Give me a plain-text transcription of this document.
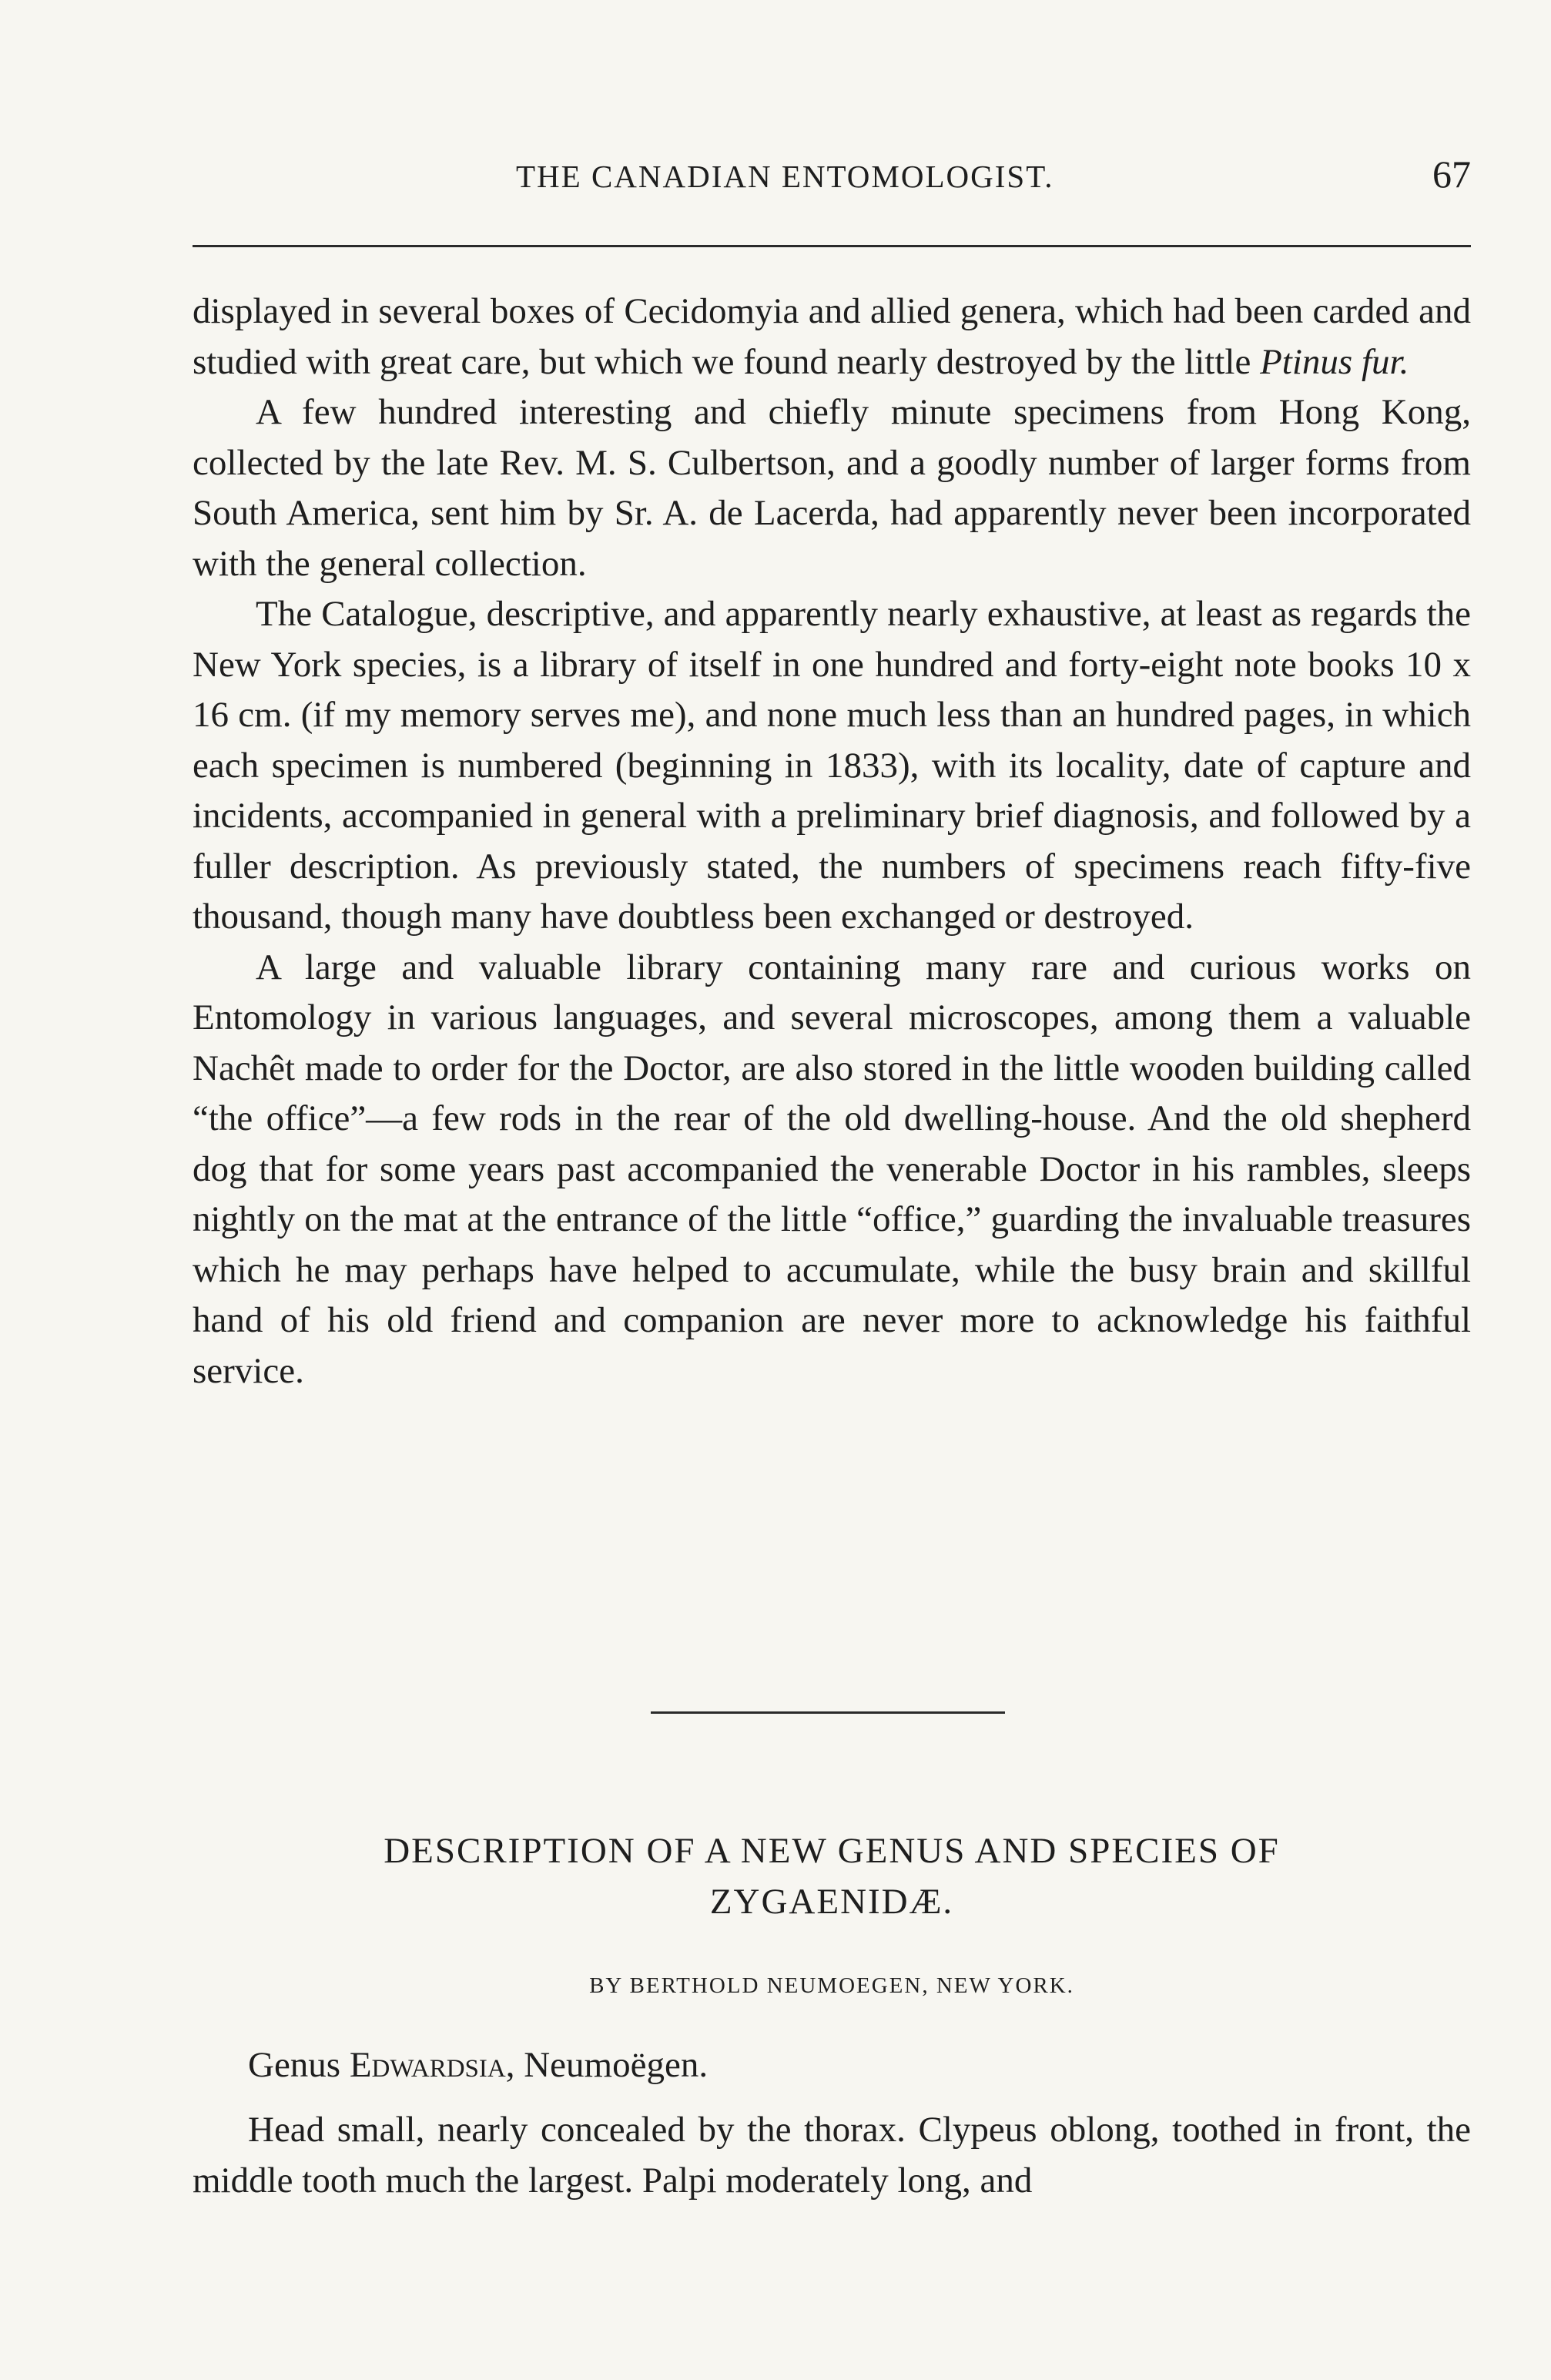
THE CANADIAN ENTOMOLOGIST.	67

displayed in several boxes of Cecidomyia and allied genera, which had been carded and studied with great care, but which we found nearly destroyed by the little Ptinus fur.

A few hundred interesting and chiefly minute specimens from Hong Kong, collected by the late Rev. M. S. Culbertson, and a goodly number of larger forms from South America, sent him by Sr. A. de Lacerda, had apparently never been incorporated with the general collection.

The Catalogue, descriptive, and apparently nearly exhaustive, at least as regards the New York species, is a library of itself in one hundred and forty-eight note books 10 x 16 cm. (if my memory serves me), and none much less than an hundred pages, in which each specimen is numbered (beginning in 1833), with its locality, date of capture and incidents, accompanied in general with a preliminary brief diagnosis, and followed by a fuller description. As previously stated, the numbers of specimens reach fifty-five thousand, though many have doubtless been exchanged or destroyed.

A large and valuable library containing many rare and curious works on Entomology in various languages, and several microscopes, among them a valuable Nachêt made to order for the Doctor, are also stored in the little wooden building called “the office”—a few rods in the rear of the old dwelling-house. And the old shepherd dog that for some years past accompanied the venerable Doctor in his rambles, sleeps nightly on the mat at the entrance of the little “office,” guarding the invaluable treasures which he may perhaps have helped to accumulate, while the busy brain and skillful hand of his old friend and companion are never more to acknowledge his faithful service.

DESCRIPTION OF A NEW GENUS AND SPECIES OF
ZYGAENIDÆ.
BY BERTHOLD NEUMOEGEN, NEW YORK.

Genus Edwardsia, Neumoëgen.

Head small, nearly concealed by the thorax. Clypeus oblong, toothed in front, the middle tooth much the largest. Palpi moderately long, and
